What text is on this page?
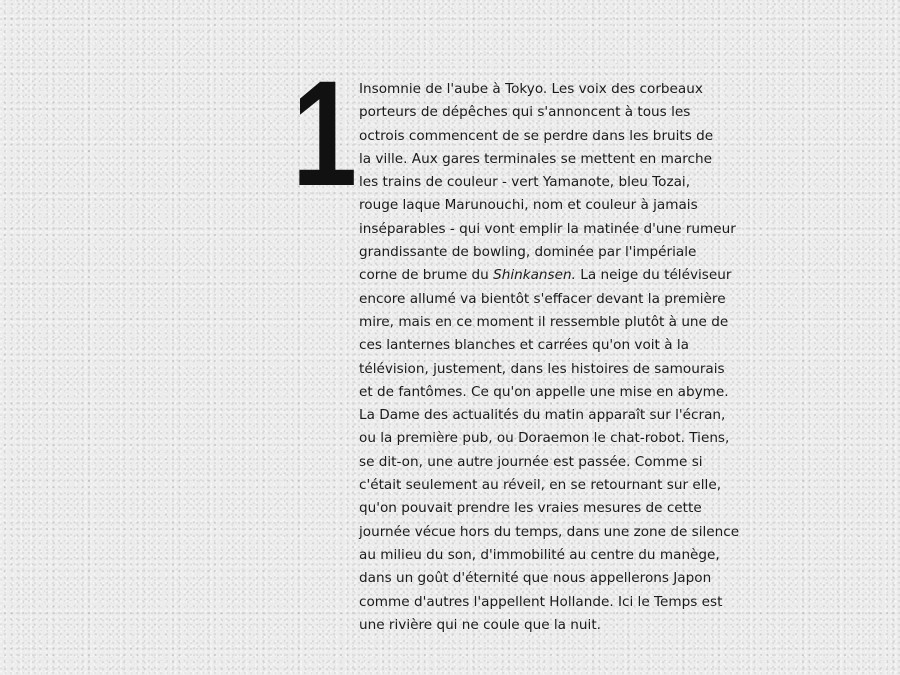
1 Insomnie de l'aube à Tokyo. Les voix des corbeaux
porteurs de dépêches qui s'annoncent à tous les
octrois commencent de se perdre dans les bruits de
la ville. Aux gares terminales se mettent en marche
les trains de couleur - vert Yamanote, bleu Tozai,
rouge laque Marunouchi, nom et couleur à jamais
inséparables - qui vont emplir la matinée d'une rumeur
grandissante de bowling, dominée par l'impériale
corne de brume du Shinkansen. La neige du téléviseur
encore allumé va bientôt s'effacer devant la première
mire, mais en ce moment il ressemble plutôt à une de
ces lanternes blanches et carrées qu'on voit à la
télévision, justement, dans les histoires de samourais
et de fantômes. Ce qu'on appelle une mise en abyme.
La Dame des actualités du matin apparaît sur l'écran,
ou la première pub, ou Doraemon le chat-robot. Tiens,
se dit-on, une autre journée est passée. Comme si
c'était seulement au réveil, en se retournant sur elle,
qu'on pouvait prendre les vraies mesures de cette
journée vécue hors du temps, dans une zone de silence
au milieu du son, d'immobilité au centre du manège,
dans un goût d'éternité que nous appellerons Japon
comme d'autres l'appellent Hollande. Ici le Temps est
une rivière qui ne coule que la nuit.
